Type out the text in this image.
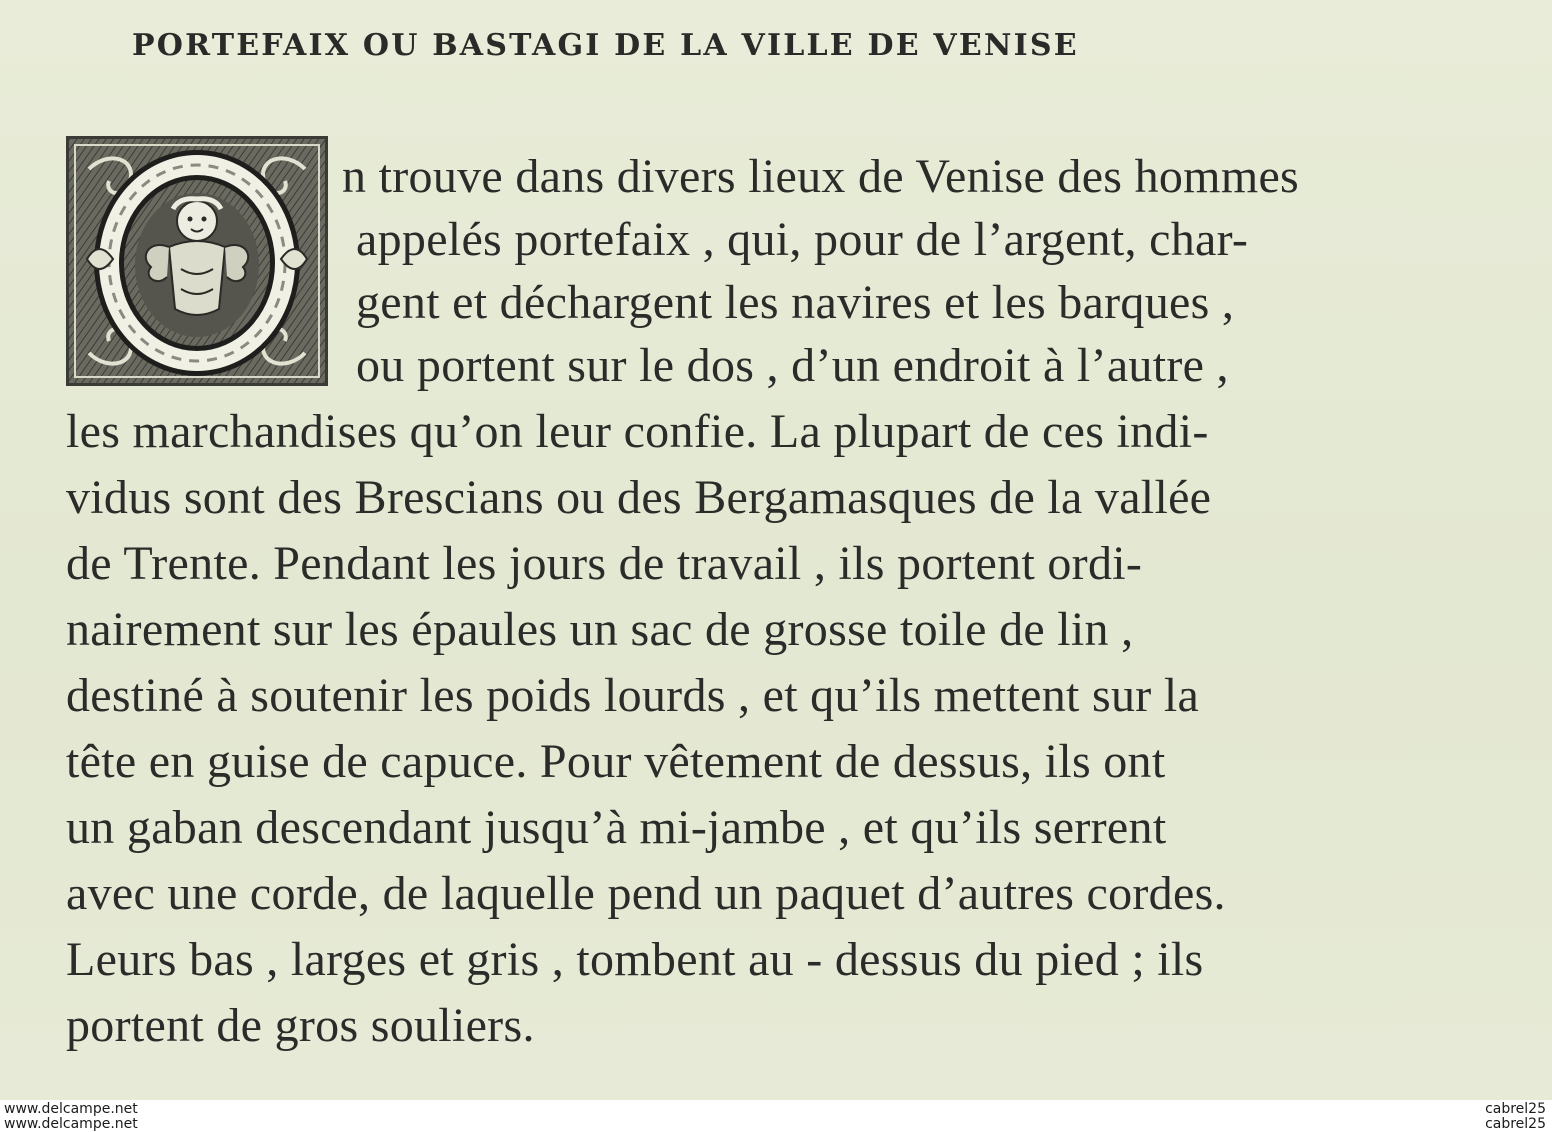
PORTEFAIX OU BASTAGI DE LA VILLE DE VENISE
n trouve dans divers lieux de Venise des hommes
appelés portefaix , qui, pour de l’argent, char-
gent et déchargent les navires et les barques ,
ou portent sur le dos , d’un endroit à l’autre ,
les marchandises qu’on leur confie. La plupart de ces indi-
vidus sont des Brescians ou des Bergamasques de la vallée
de Trente. Pendant les jours de travail , ils portent ordi-
nairement sur les épaules un sac de grosse toile de lin ,
destiné à soutenir les poids lourds , et qu’ils mettent sur la
tête en guise de capuce. Pour vêtement de dessus, ils ont
un gaban descendant jusqu’à mi-jambe , et qu’ils serrent
avec une corde, de laquelle pend un paquet d’autres cordes.
Leurs bas , larges et gris , tombent au - dessus du pied ; ils
portent de gros souliers.
www.delcampe.net
www.delcampe.net
cabrel25
cabrel25
